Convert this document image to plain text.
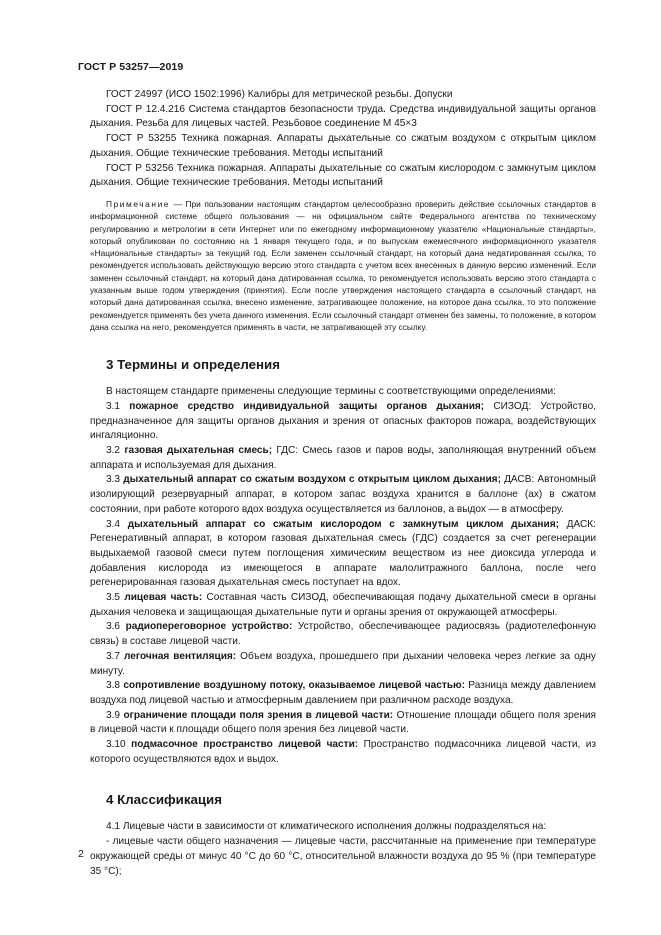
ГОСТ Р 53257—2019

ГОСТ 24997 (ИСО 1502:1996) Калибры для метрической резьбы. Допуски

ГОСТ Р 12.4.216 Система стандартов безопасности труда. Средства индивидуальной защиты органов дыхания. Резьба для лицевых частей. Резьбовое соединение М 45×3

ГОСТ Р 53255 Техника пожарная. Аппараты дыхательные со сжатым воздухом с открытым циклом дыхания. Общие технические требования. Методы испытаний

ГОСТ Р 53256 Техника пожарная. Аппараты дыхательные со сжатым кислородом с замкнутым циклом дыхания. Общие технические требования. Методы испытаний

Примечание — При пользовании настоящим стандартом целесообразно проверить действие ссылочных стандартов в информационной системе общего пользования — на официальном сайте Федерального агентства по техническому регулированию и метрологии в сети Интернет или по ежегодному информационному указателю «Национальные стандарты», который опубликован по состоянию на 1 января текущего года, и по выпускам ежемесячного информационного указателя «Национальные стандарты» за текущий год. Если заменен ссылочный стандарт, на который дана недатированная ссылка, то рекомендуется использовать действующую версию этого стандарта с учетом всех внесенных в данную версию изменений. Если заменен ссылочный стандарт, на который дана датированная ссылка, то рекомендуется использовать версию этого стандарта с указанным выше годом утверждения (принятия). Если после утверждения настоящего стандарта в ссылочный стандарт, на который дана датированная ссылка, внесено изменение, затрагивающее положение, на которое дана ссылка, то это положение рекомендуется применять без учета данного изменения. Если ссылочный стандарт отменен без замены, то положение, в котором дана ссылка на него, рекомендуется применять в части, не затрагивающей эту ссылку.

3 Термины и определения

В настоящем стандарте применены следующие термины с соответствующими определениями:

3.1 пожарное средство индивидуальной защиты органов дыхания; СИЗОД: Устройство, предназначенное для защиты органов дыхания и зрения от опасных факторов пожара, воздействующих ингаляционно.

3.2 газовая дыхательная смесь; ГДС: Смесь газов и паров воды, заполняющая внутренний объем аппарата и используемая для дыхания.

3.3 дыхательный аппарат со сжатым воздухом с открытым циклом дыхания; ДАСВ: Автономный изолирующий резервуарный аппарат, в котором запас воздуха хранится в баллоне (ах) в сжатом состоянии, при работе которого вдох воздуха осуществляется из баллонов, а выдох — в атмосферу.

3.4 дыхательный аппарат со сжатым кислородом с замкнутым циклом дыхания; ДАСК: Регенеративный аппарат, в котором газовая дыхательная смесь (ГДС) создается за счет регенерации выдыхаемой газовой смеси путем поглощения химическим веществом из нее диоксида углерода и добавления кислорода из имеющегося в аппарате малолитражного баллона, после чего регенерированная газовая дыхательная смесь поступает на вдох.

3.5 лицевая часть: Составная часть СИЗОД, обеспечивающая подачу дыхательной смеси в органы дыхания человека и защищающая дыхательные пути и органы зрения от окружающей атмосферы.

3.6 радиопереговорное устройство: Устройство, обеспечивающее радиосвязь (радиотелефонную связь) в составе лицевой части.

3.7 легочная вентиляция: Объем воздуха, прошедшего при дыхании человека через легкие за одну минуту.

3.8 сопротивление воздушному потоку, оказываемое лицевой частью: Разница между давлением воздуха под лицевой частью и атмосферным давлением при различном расходе воздуха.

3.9 ограничение площади поля зрения в лицевой части: Отношение площади общего поля зрения в лицевой части к площади общего поля зрения без лицевой части.

3.10 подмасочное пространство лицевой части: Пространство подмасочника лицевой части, из которого осуществляются вдох и выдох.

4 Классификация

4.1 Лицевые части в зависимости от климатического исполнения должны подразделяться на:

- лицевые части общего назначения — лицевые части, рассчитанные на применение при температуре окружающей среды от минус 40 °С до 60 °С, относительной влажности воздуха до 95 % (при температуре 35 °С);

2
